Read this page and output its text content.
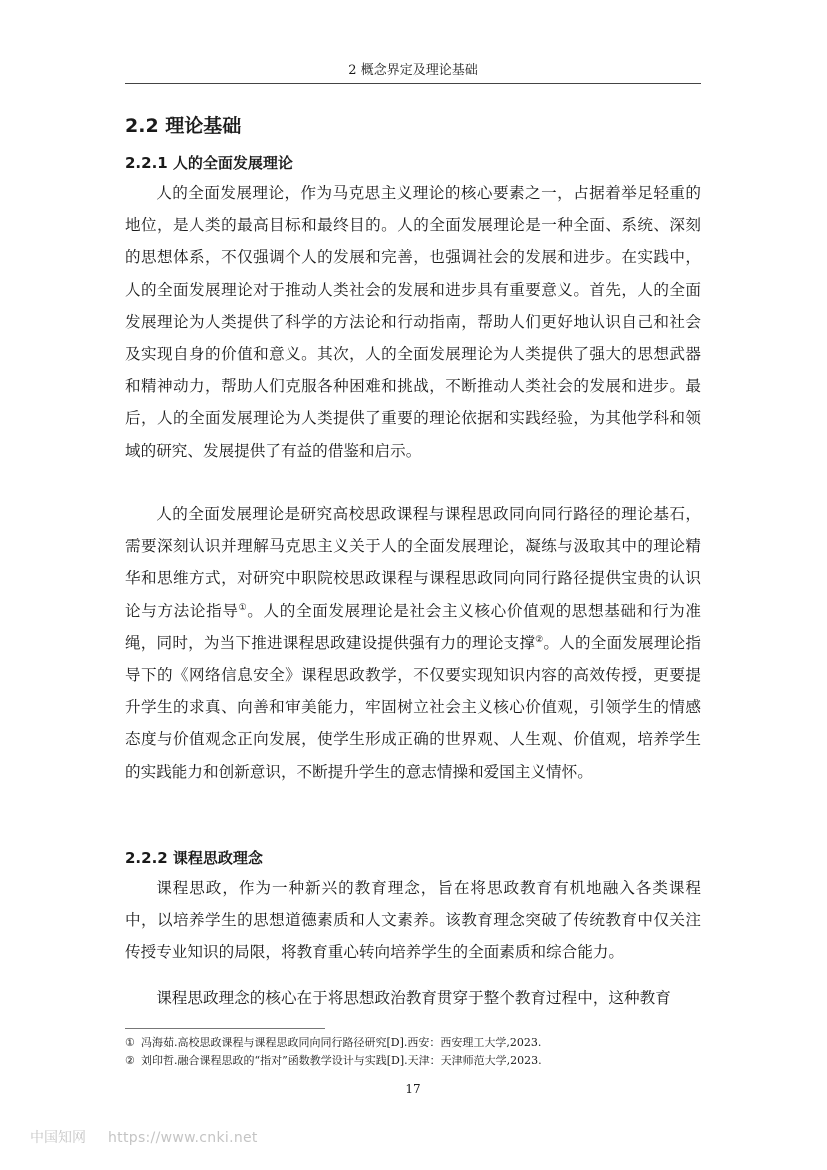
2 概念界定及理论基础
2.2 理论基础
2.2.1 人的全面发展理论

人的全面发展理论，作为马克思主义理论的核心要素之一，占据着举足轻重的地位，是人类的最高目标和最终目的。人的全面发展理论是一种全面、系统、深刻的思想体系，不仅强调个人的发展和完善，也强调社会的发展和进步。在实践中，人的全面发展理论对于推动人类社会的发展和进步具有重要意义。首先，人的全面发展理论为人类提供了科学的方法论和行动指南，帮助人们更好地认识自己和社会及实现自身的价值和意义。其次，人的全面发展理论为人类提供了强大的思想武器和精神动力，帮助人们克服各种困难和挑战，不断推动人类社会的发展和进步。最后，人的全面发展理论为人类提供了重要的理论依据和实践经验，为其他学科和领域的研究、发展提供了有益的借鉴和启示。

人的全面发展理论是研究高校思政课程与课程思政同向同行路径的理论基石，需要深刻认识并理解马克思主义关于人的全面发展理论，凝练与汲取其中的理论精华和思维方式，对研究中职院校思政课程与课程思政同向同行路径提供宝贵的认识论与方法论指导①。人的全面发展理论是社会主义核心价值观的思想基础和行为准绳，同时，为当下推进课程思政建设提供强有力的理论支撑②。人的全面发展理论指导下的《网络信息安全》课程思政教学，不仅要实现知识内容的高效传授，更要提升学生的求真、向善和审美能力，牢固树立社会主义核心价值观，引领学生的情感态度与价值观念正向发展，使学生形成正确的世界观、人生观、价值观，培养学生的实践能力和创新意识，不断提升学生的意志情操和爱国主义情怀。

2.2.2 课程思政理念

课程思政，作为一种新兴的教育理念，旨在将思政教育有机地融入各类课程中，以培养学生的思想道德素质和人文素养。该教育理念突破了传统教育中仅关注传授专业知识的局限，将教育重心转向培养学生的全面素质和综合能力。

课程思政理念的核心在于将思想政治教育贯穿于整个教育过程中，这种教育

① 冯海茹.高校思政课程与课程思政同向同行路径研究[D].西安：西安理工大学,2023.
② 刘印哲.融合课程思政的“指对”函数教学设计与实践[D].天津：天津师范大学,2023.
17
中国知网 https://www.cnki.net
